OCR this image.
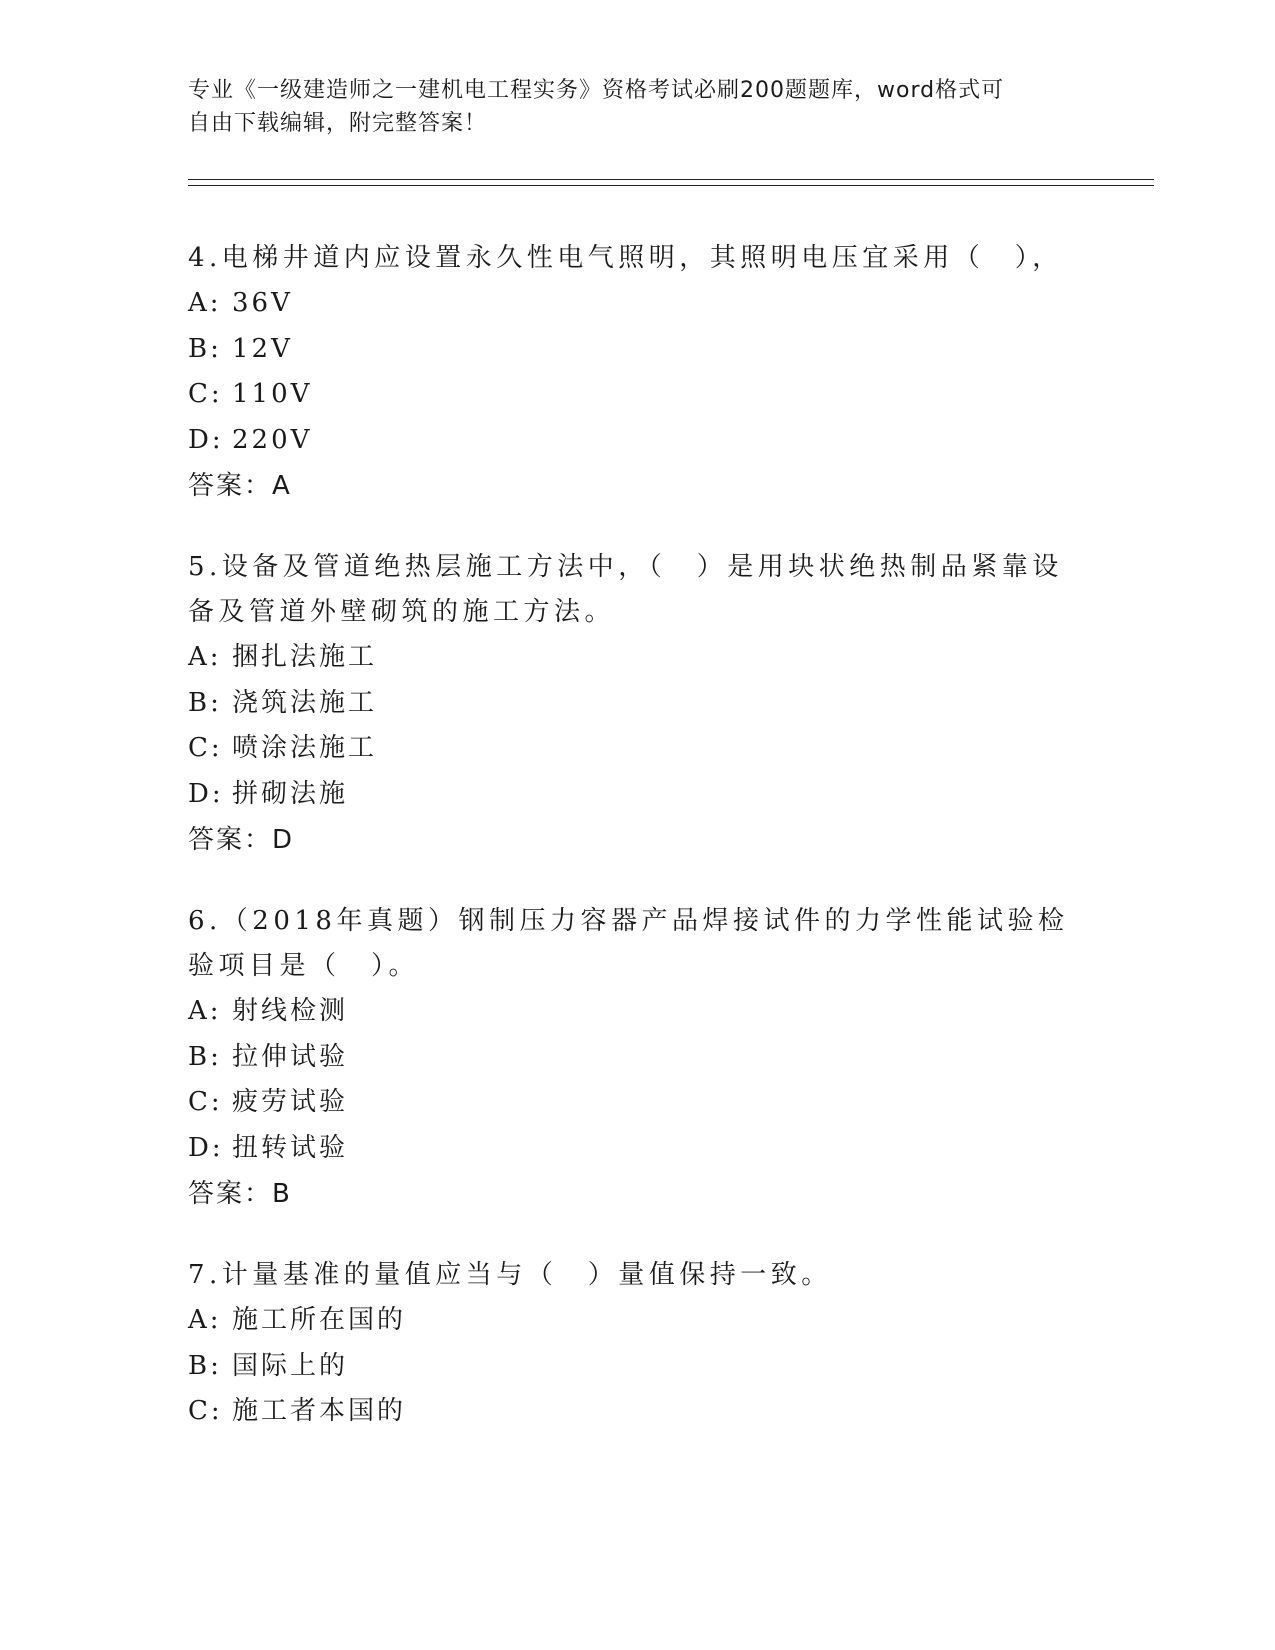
专业《一级建造师之一建机电工程实务》资格考试必刷200题题库，word格式可
自由下载编辑，附完整答案！

4.电梯井道内应设置永久性电气照明，其照明电压宜采用（　），

A: 36V

B: 12V

C: 110V

D: 220V

答案：A

5.设备及管道绝热层施工方法中，（　）是用块状绝热制品紧靠设备及管道外壁砌筑的施工方法。

A: 捆扎法施工

B: 浇筑法施工

C: 喷涂法施工

D: 拼砌法施

答案：D

6.（2018年真题）钢制压力容器产品焊接试件的力学性能试验检验项目是（　）。

A: 射线检测

B: 拉伸试验

C: 疲劳试验

D: 扭转试验

答案：B

7.计量基准的量值应当与（　）量值保持一致。

A: 施工所在国的

B: 国际上的

C: 施工者本国的
